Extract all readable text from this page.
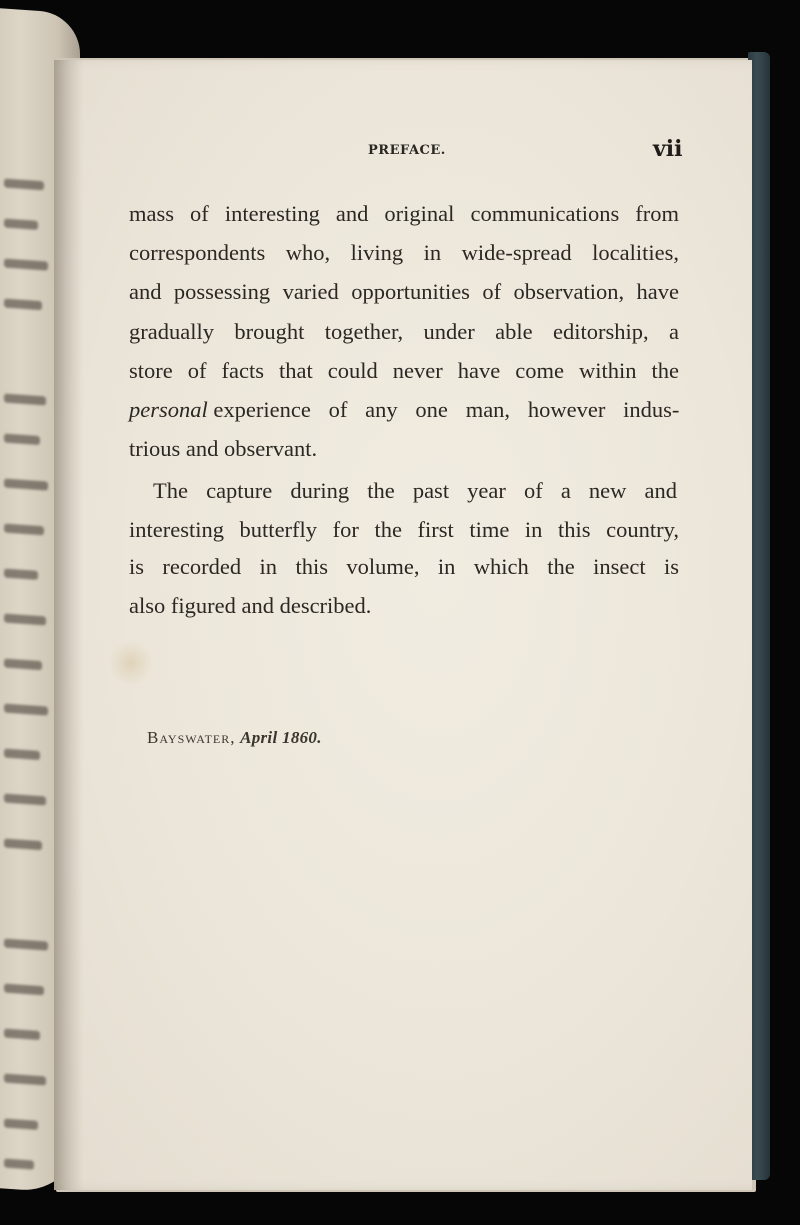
PREFACE.	vii
mass of interesting and original communications from
correspondents who, living in wide-spread localities,
and possessing varied opportunities of observation, have
gradually brought together, under able editorship, a
store of facts that could never have come within the
personal experience of any one man, however indus-
trious and observant.
The capture during the past year of a new and
interesting butterfly for the first time in this country,
is recorded in this volume, in which the insect is
also figured and described.
Bayswater, April 1860.
